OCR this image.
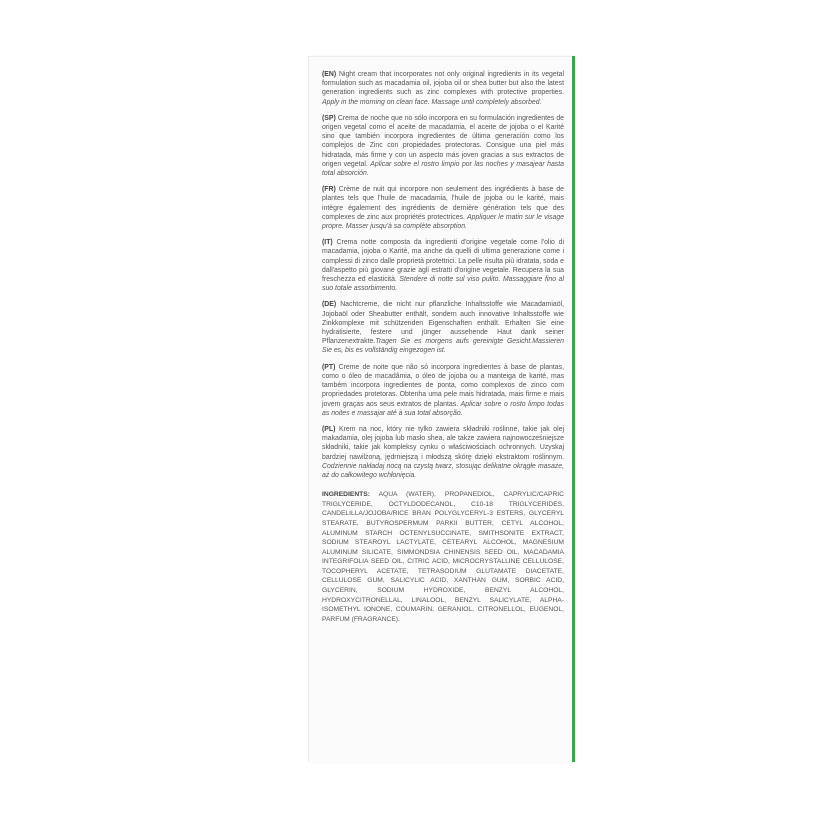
(EN) Night cream that incorporates not only original ingredients in its vegetal formulation such as macadamia oil, jojoba oil or shea butter but also the latest generation ingredients such as zinc complexes with protective properties. Apply in the morning on clean face. Massage until completely absorbed.

(SP) Crema de noche que no sólo incorpora en su formulación ingredientes de origen vegetal como el aceite de macadamia, el aceite de jojoba o el Karité sino que también incorpora ingredientes de última generación como los complejos de Zinc con propiedades protectoras. Consigue una piel más hidratada, más firme y con un aspecto más joven gracias a sus extractos de origen vegetal. Aplicar sobre el rostro limpio por las noches y masajear hasta total absorción.

(FR) Crème de nuit qui incorpore non seulement des ingrédients à base de plantes tels que l'huile de macadamia, l'huile de jojoba ou le karité, mais intègre également des ingrédients de dernière génération tels que des complexes de zinc aux propriétés protectrices. Appliquer le matin sur le visage propre. Masser jusqu'à sa complète absorption.

(IT) Crema notte composta da ingredienti d'origine vegetale come l'olio di macadamia, jojoba o Karitè, ma anche da quelli di ultima generazione come i complessi di zinco dalle proprietà protettrici. La pelle risulta più idratata, soda e dall'aspetto più giovane grazie agli estratti d'origine vegetale. Recupera la sua freschezza ed elasticità. Stendere di notte sul viso pulito. Massaggiare fino al suo totale assorbimento.

(DE) Nachtcreme, die nicht nur pflanzliche Inhaltsstoffe wie Macadamiaöl, Jojobaöl oder Sheabutter enthält, sondern auch innovative Inhaltsstoffe wie Zinkkomplexe mit schützenden Eigenschaften enthält. Erhalten Sie eine hydratisierte, festere und jünger aussehende Haut dank seiner Pflanzenextrakte.Tragen Sie es morgens aufs gereinigte Gesicht.Massieren Sie es, bis es vollständig eingezogen ist.

(PT) Creme de noite que não só incorpora ingredientes à base de plantas, como o óleo de macadâmia, o óleo de jojoba ou a manteiga de karité, mas também incorpora ingredientes de ponta, como complexos de zinco com propriedades protetoras. Obtenha uma pele mais hidratada, mais firme e mais jovem graças aos seus extratos de plantas. Aplicar sobre o rosto limpo todas as noites e massajar até à sua total absorção.

(PL) Krem na noc, który nie tylko zawiera składniki roślinne, takie jak olej makadamia, olej jojoba lub masło shea, ale także zawiera najnowocześniejsze składniki, takie jak kompleksy cynku o właściwościach ochronnych. Uzyskaj bardziej nawilżoną, jędrniejszą i młodszą skórę dzięki ekstraktom roślinnym. Codziennie nakładaj nocą na czystą twarz, stosując delikatne okrągłe masaże, aż do całkowitego wchłonięcia.

INGREDIENTS: AQUA (WATER), PROPANEDIOL, CAPRYLIC/CAPRIC TRIGLYCERIDE, OCTYLDODECANOL, C10-18 TRIGLYCERIDES, CANDELILLA/JOJOBA/RICE BRAN POLYGLYCERYL-3 ESTERS, GLYCERYL STEARATE, BUTYROSPERMUM PARKII BUTTER, CETYL ALCOHOL, ALUMINUM STARCH OCTENYLSUCCINATE, SMITHSONITE EXTRACT, SODIUM STEAROYL LACTYLATE, CETEARYL ALCOHOL, MAGNESIUM ALUMINUM SILICATE, SIMMONDSIA CHINENSIS SEED OIL, MACADAMIA INTEGRIFOLIA SEED OIL, CITRIC ACID, MICROCRYSTALLINE CELLULOSE, TOCOPHERYL ACETATE, TETRASODIUM GLUTAMATE DIACETATE, CELLULOSE GUM, SALICYLIC ACID, XANTHAN GUM, SORBIC ACID, GLYCERIN, SODIUM HYDROXIDE, BENZYL ALCOHOL, HYDROXYCITRONELLAL, LINALOOL, BENZYL SALICYLATE, ALPHA-ISOMETHYL IONONE, COUMARIN, GERANIOL, CITRONELLOL, EUGENOL, PARFUM (FRAGRANCE).
